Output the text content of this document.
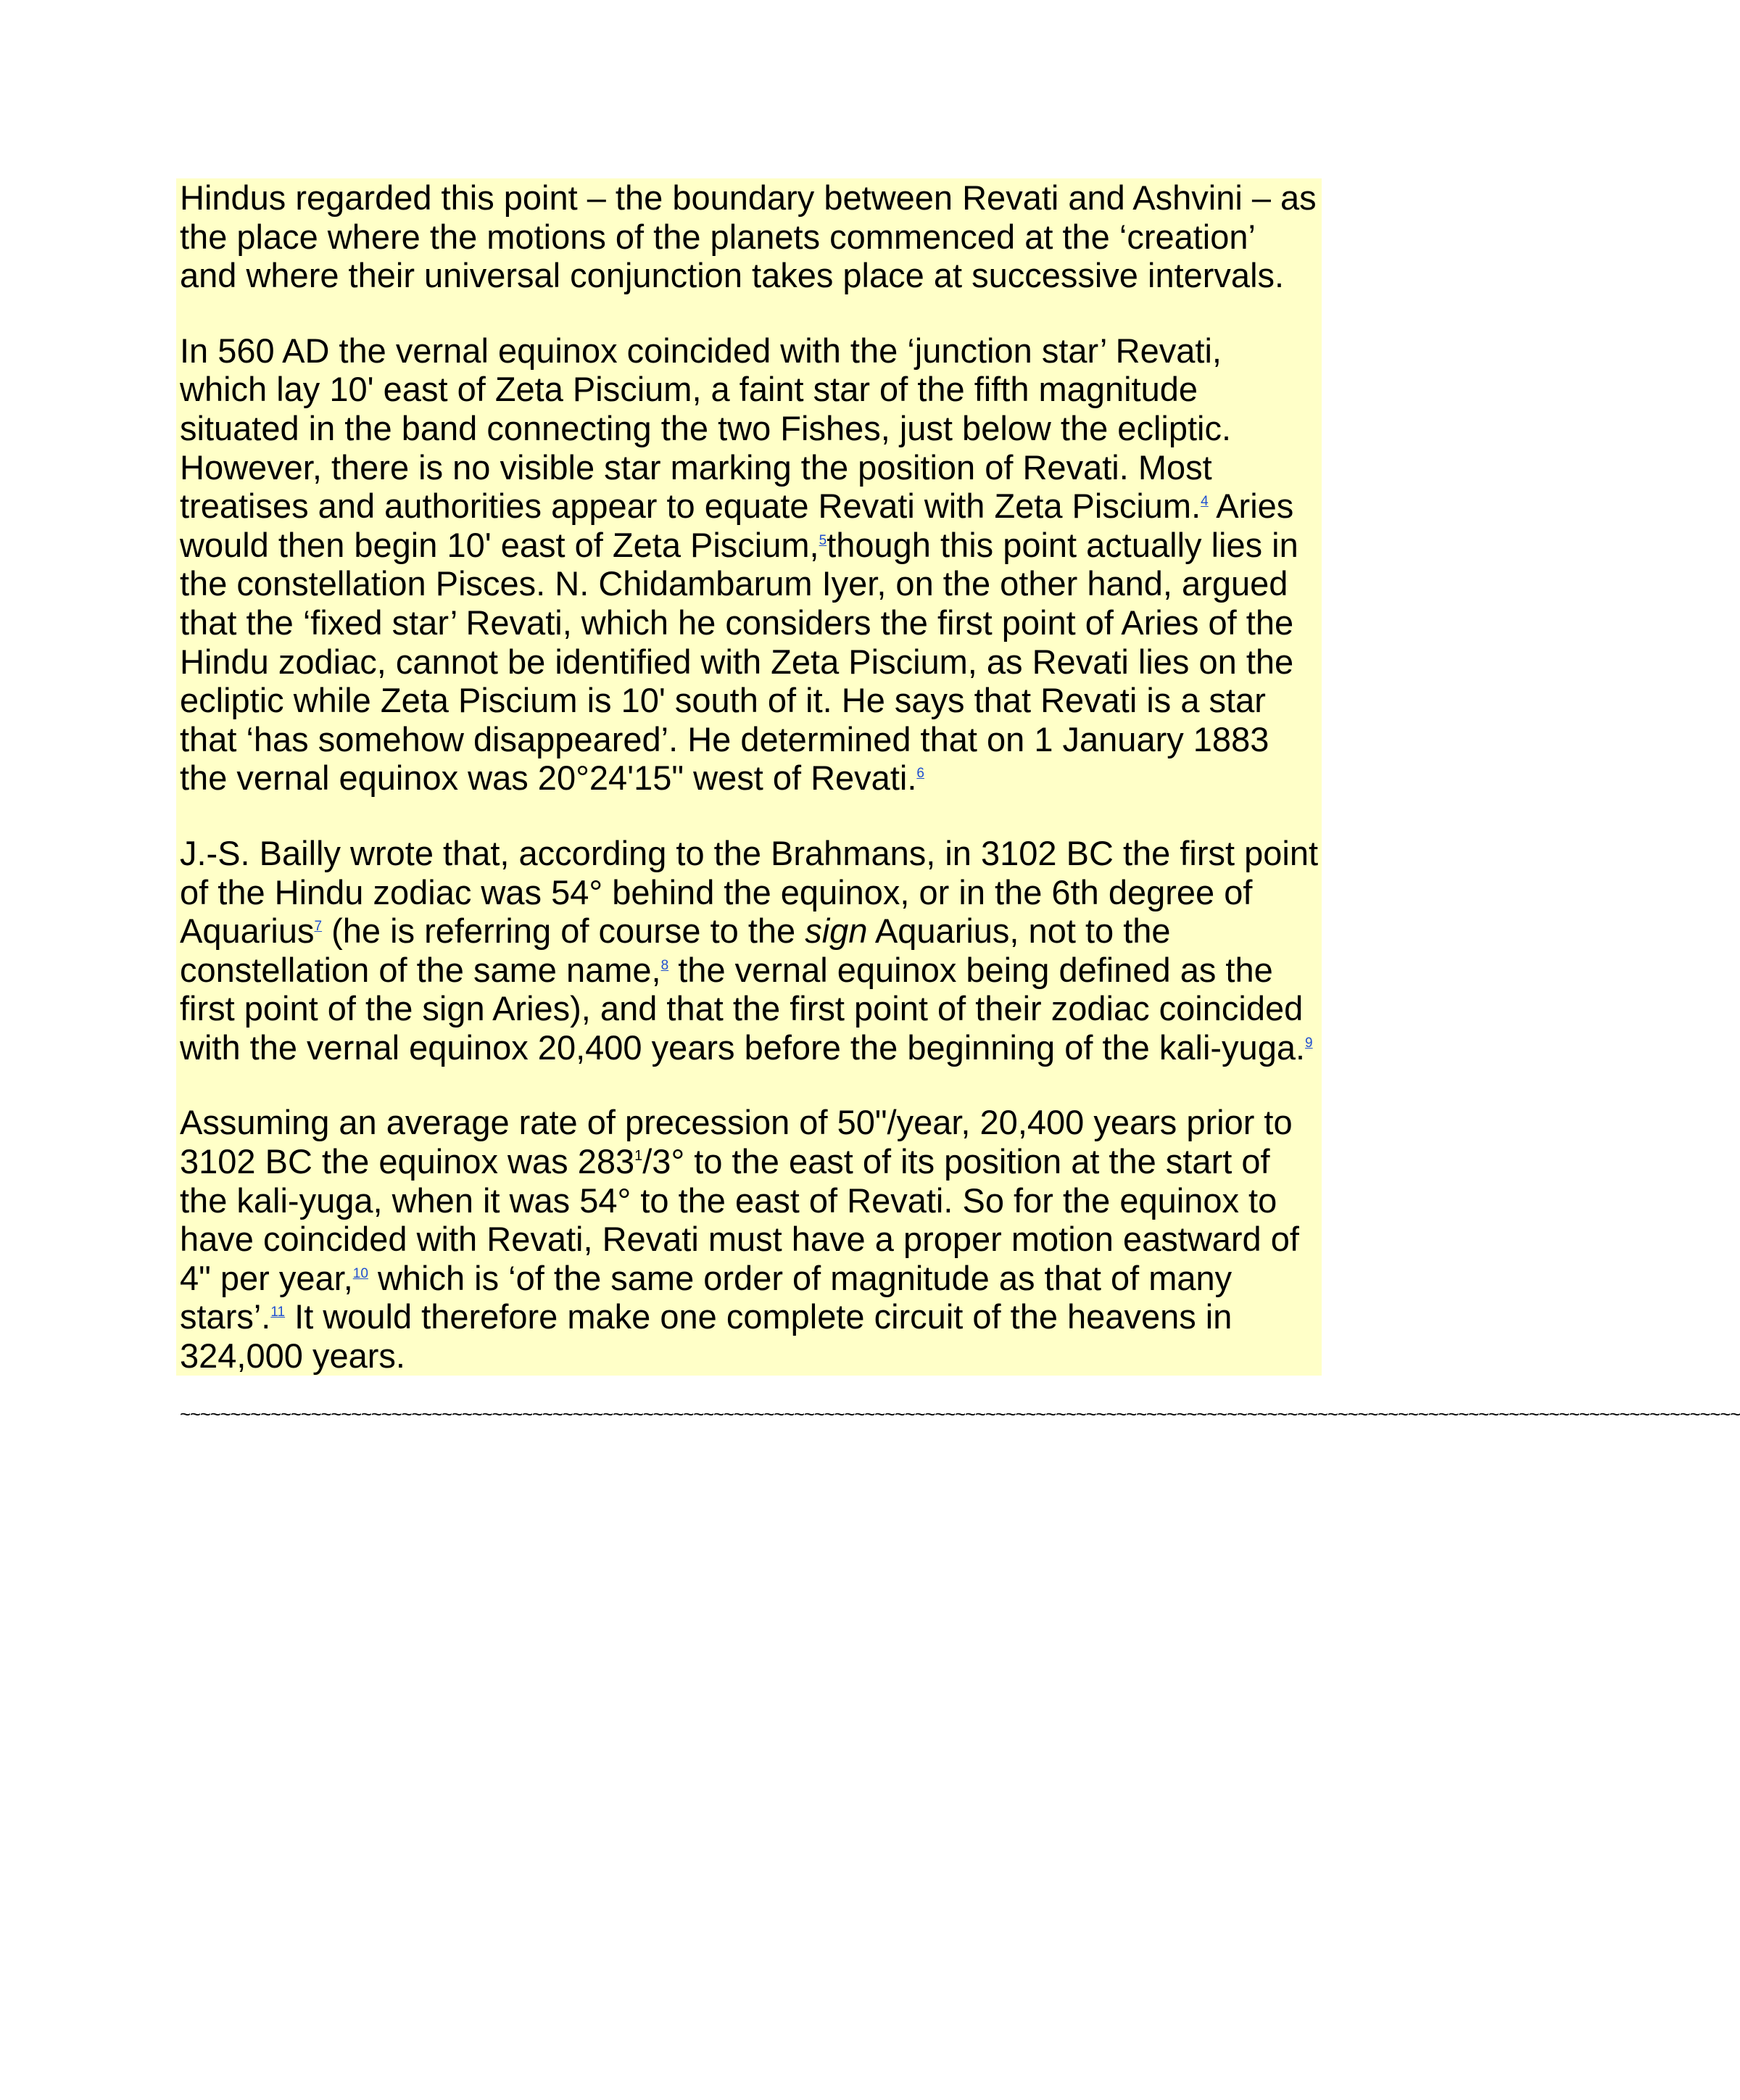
Hindus regarded this point – the boundary between Revati and Ashvini – as
the place where the motions of the planets commenced at the ‘creation’
and where their universal conjunction takes place at successive intervals.

In 560 AD the vernal equinox coincided with the ‘junction star’ Revati,
which lay 10' east of Zeta Piscium, a faint star of the fifth magnitude
situated in the band connecting the two Fishes, just below the ecliptic.
However, there is no visible star marking the position of Revati. Most
treatises and authorities appear to equate Revati with Zeta Piscium.$^4$ Aries
would then begin 10' east of Zeta Piscium,$^5$though this point actually lies in
the constellation Pisces. N. Chidambarum Iyer, on the other hand, argued
that the ‘fixed star’ Revati, which he considers the first point of Aries of the
Hindu zodiac, cannot be identified with Zeta Piscium, as Revati lies on the
ecliptic while Zeta Piscium is 10' south of it. He says that Revati is a star
that ‘has somehow disappeared’. He determined that on 1 January 1883
the vernal equinox was 20°24'15" west of Revati.$^6$

J.-S. Bailly wrote that, according to the Brahmans, in 3102 BC the first point
of the Hindu zodiac was 54° behind the equinox, or in the 6th degree of
Aquarius$^7$ (he is referring of course to the sign Aquarius, not to the
constellation of the same name,$^8$ the vernal equinox being defined as the
first point of the sign Aries), and that the first point of their zodiac coincided
with the vernal equinox 20,400 years before the beginning of the kali-yuga.$^9$

Assuming an average rate of precession of 50"/year, 20,400 years prior to
3102 BC the equinox was $283^1/3^\circ$ to the east of its position at the start of
the kali-yuga, when it was 54° to the east of Revati. So for the equinox to
have coincided with Revati, Revati must have a proper motion eastward of
4" per year,$^{10}$ which is ‘of the same order of magnitude as that of many
stars’.$^{11}$ It would therefore make one complete circuit of the heavens in
324,000 years.

~~~~~~~~~~~~~~~~~~~~~~~~~~~~~~~~~~~~~~~~~~~~~~~~~~~~~~~~~~~~~~~~~~~~~~~~~~~~~~~~~~~~~~~~~~~~~~~~~~~~~~~~~~~~~~~~~~~~~~~~~~~~~~~~~~~~~~~~~~~~~~~~~~~~~~~~~~~
